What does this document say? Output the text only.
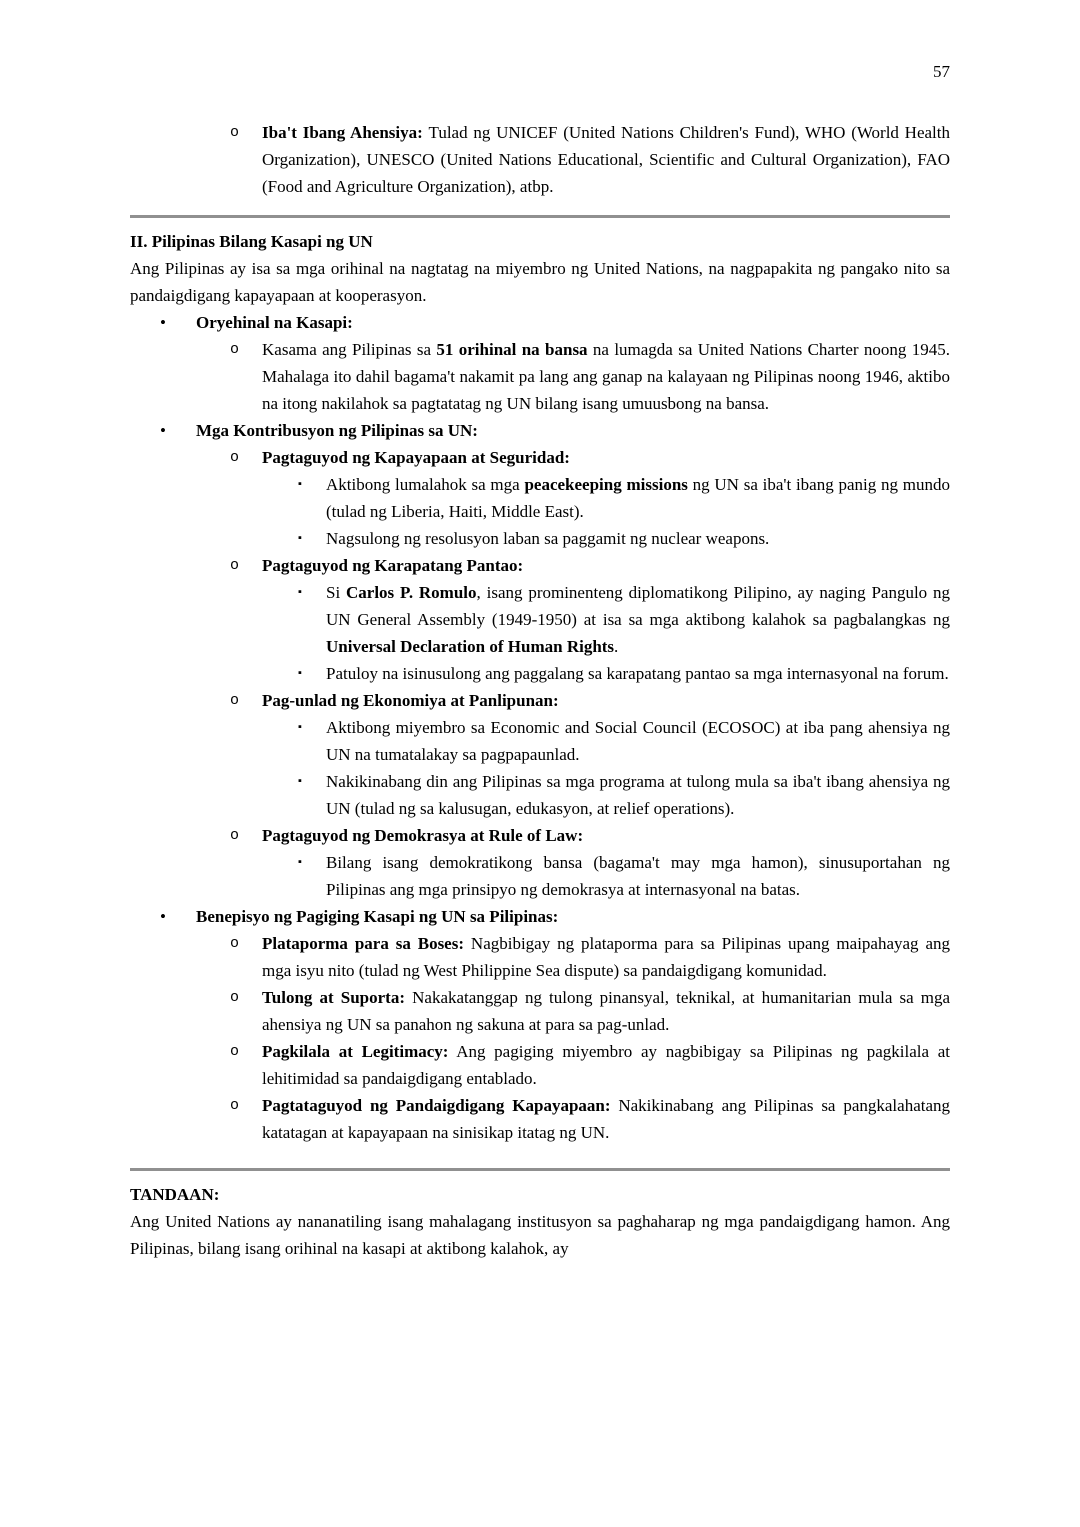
57
o	Iba't Ibang Ahensiya: Tulad ng UNICEF (United Nations Children's Fund), WHO (World Health Organization), UNESCO (United Nations Educational, Scientific and Cultural Organization), FAO (Food and Agriculture Organization), atbp.
II. Pilipinas Bilang Kasapi ng UN

Ang Pilipinas ay isa sa mga orihinal na nagtatag na miyembro ng United Nations, na nagpapakita ng pangako nito sa pandaigdigang kapayapaan at kooperasyon.

•	Oryehinal na Kasapi:
o	Kasama ang Pilipinas sa 51 orihinal na bansa na lumagda sa United Nations Charter noong 1945. Mahalaga ito dahil bagama't nakamit pa lang ang ganap na kalayaan ng Pilipinas noong 1946, aktibo na itong nakilahok sa pagtatatag ng UN bilang isang umuusbong na bansa.
•	Mga Kontribusyon ng Pilipinas sa UN:
o	Pagtaguyod ng Kapayapaan at Seguridad:
▪	Aktibong lumalahok sa mga peacekeeping missions ng UN sa iba't ibang panig ng mundo (tulad ng Liberia, Haiti, Middle East).
▪	Nagsulong ng resolusyon laban sa paggamit ng nuclear weapons.
o	Pagtaguyod ng Karapatang Pantao:
▪	Si Carlos P. Romulo, isang prominenteng diplomatikong Pilipino, ay naging Pangulo ng UN General Assembly (1949-1950) at isa sa mga aktibong kalahok sa pagbalangkas ng Universal Declaration of Human Rights.
▪	Patuloy na isinusulong ang paggalang sa karapatang pantao sa mga internasyonal na forum.
o	Pag-unlad ng Ekonomiya at Panlipunan:
▪	Aktibong miyembro sa Economic and Social Council (ECOSOC) at iba pang ahensiya ng UN na tumatalakay sa pagpapaunlad.
▪	Nakikinabang din ang Pilipinas sa mga programa at tulong mula sa iba't ibang ahensiya ng UN (tulad ng sa kalusugan, edukasyon, at relief operations).
o	Pagtaguyod ng Demokrasya at Rule of Law:
▪	Bilang isang demokratikong bansa (bagama't may mga hamon), sinusuportahan ng Pilipinas ang mga prinsipyo ng demokrasya at internasyonal na batas.
•	Benepisyo ng Pagiging Kasapi ng UN sa Pilipinas:
o	Plataporma para sa Boses: Nagbibigay ng plataporma para sa Pilipinas upang maipahayag ang mga isyu nito (tulad ng West Philippine Sea dispute) sa pandaigdigang komunidad.
o	Tulong at Suporta: Nakakatanggap ng tulong pinansyal, teknikal, at humanitarian mula sa mga ahensiya ng UN sa panahon ng sakuna at para sa pag-unlad.
o	Pagkilala at Legitimacy: Ang pagiging miyembro ay nagbibigay sa Pilipinas ng pagkilala at lehitimidad sa pandaigdigang entablado.
o	Pagtataguyod ng Pandaigdigang Kapayapaan: Nakikinabang ang Pilipinas sa pangkalahatang katatagan at kapayapaan na sinisikap itatag ng UN.
TANDAAN:

Ang United Nations ay nananatiling isang mahalagang institusyon sa paghaharap ng mga pandaigdigang hamon. Ang Pilipinas, bilang isang orihinal na kasapi at aktibong kalahok, ay
